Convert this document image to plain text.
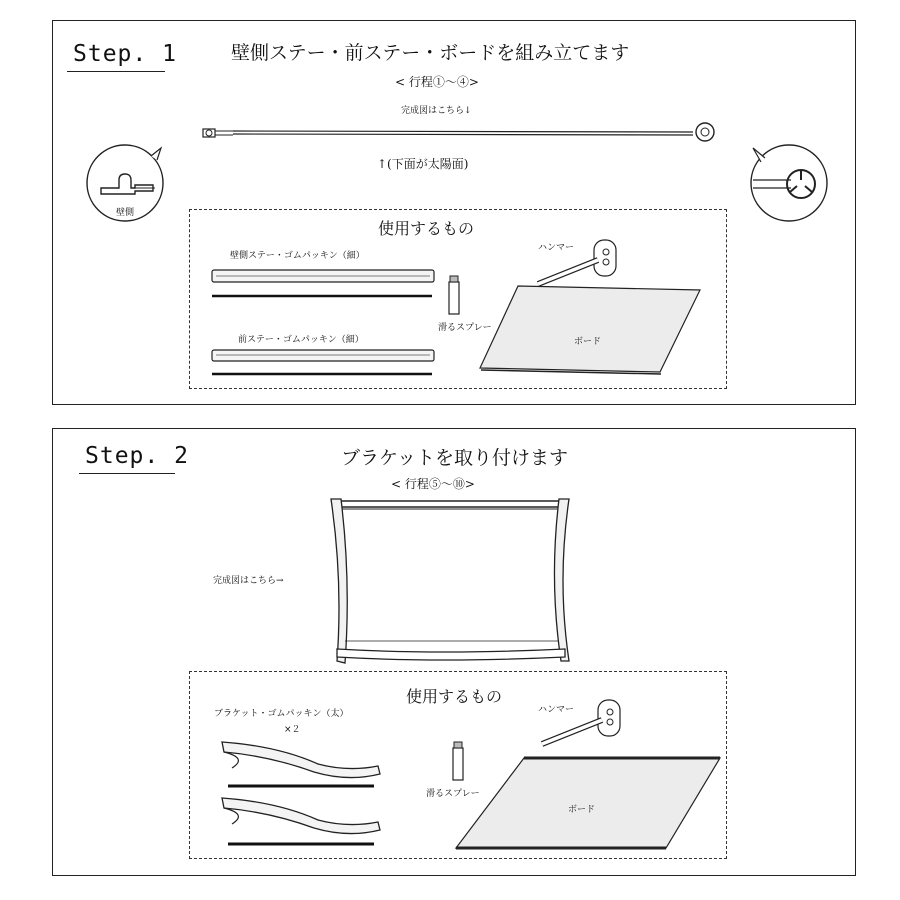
Step. 1	壁側ステー・前ステー・ボードを組み立てます
< 行程①～④>
完成図はこちら↓
↑(下面が太陽面)
壁側
使用するもの
壁側ステー・ゴムパッキン（細）
前ステー・ゴムパッキン（細）
滑るスプレー
ハンマー
ボード
Step. 2	ブラケットを取り付けます
< 行程⑤～⑩>
完成図はこちら→
使用するもの
ブラケット・ゴムパッキン（太）
×２
滑るスプレー
ハンマー
ボード
